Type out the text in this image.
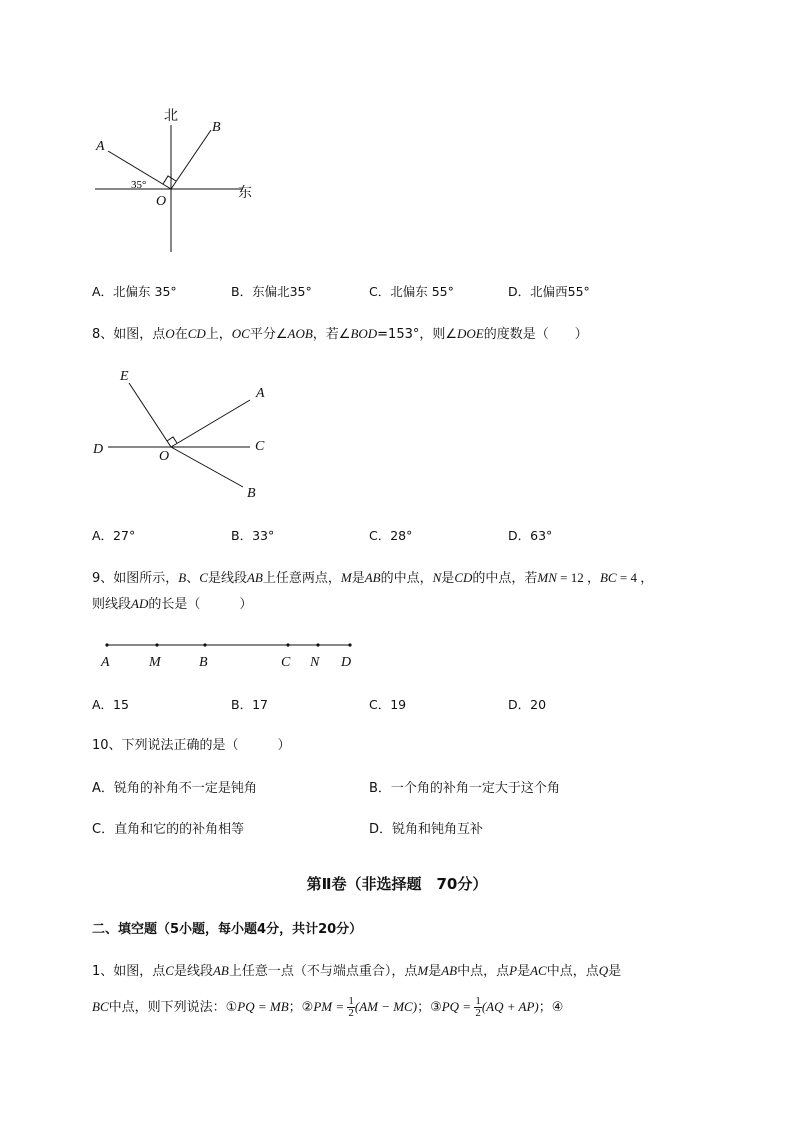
北
东
35°
A
B
O
A．北偏东 35°	B．东偏北35°	C．北偏东 55°	D．北偏西55°
8、如图，点O在CD上，OC平分∠AOB，若∠BOD=153°，则∠DOE的度数是（　　）
E
A
D	O
C
B
A．27°	B．33°	C．28°	D．63°
9、如图所示，B、C是线段AB上任意两点，M是AB的中点，N是CD的中点，若MN = 12 ，BC = 4 ，
则线段AD的长是（　　　）
A	M	B	C N D
A．15	B．17	C．19	D．20
10、下列说法正确的是（　　　）
A．锐角的补角不一定是钝角	B．一个角的补角一定大于这个角
C．直角和它的的补角相等	D．锐角和钝角互补
第Ⅱ卷（非选择题　70分）
二、填空题（5小题，每小题4分，共计20分）
1、如图，点C是线段AB上任意一点（不与端点重合），点M是AB中点，点P是AC中点，点Q是
BC中点，则下列说法：①PQ = MB；②PM = $\frac{1}{2} (AM - MC)$；③PQ = $\frac{1}{2} (AQ + AP)$；④
